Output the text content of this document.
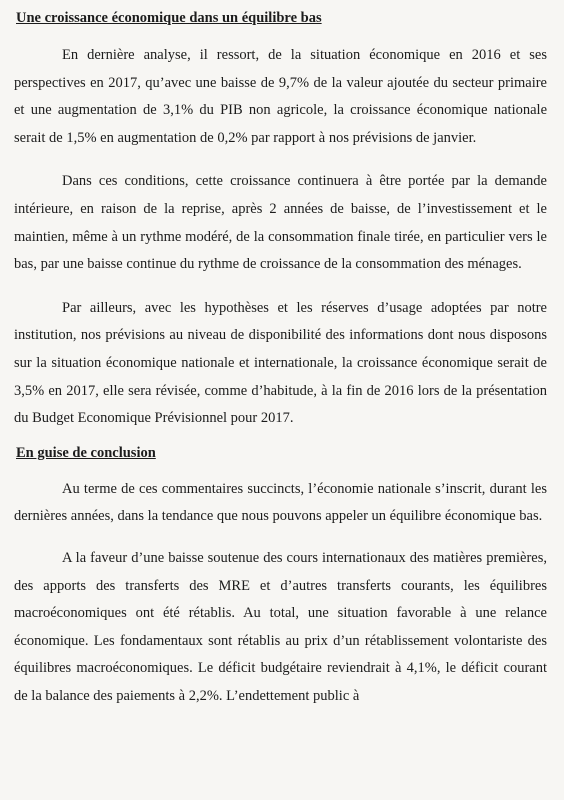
Une croissance économique dans un équilibre bas

En dernière analyse, il ressort, de la situation économique en 2016 et ses perspectives en 2017, qu’avec une baisse de 9,7% de la valeur ajoutée du secteur primaire et une augmentation de 3,1% du PIB non agricole, la croissance économique nationale serait de 1,5% en augmentation de 0,2% par rapport à nos prévisions de janvier.

Dans ces conditions, cette croissance continuera à être portée par la demande intérieure, en raison de la reprise, après 2 années de baisse, de l’investissement et le maintien, même à un rythme modéré, de la consommation finale tirée, en particulier vers le bas, par une baisse continue du rythme de croissance de la consommation des ménages.

Par ailleurs, avec les hypothèses et les réserves d’usage adoptées par notre institution, nos prévisions au niveau de disponibilité des informations dont nous disposons sur la situation économique nationale et internationale, la croissance économique serait de 3,5% en 2017, elle sera révisée, comme d’habitude, à la fin de 2016 lors de la présentation du Budget Economique Prévisionnel pour 2017.

En guise de conclusion

Au terme de ces commentaires succincts, l’économie nationale s’inscrit, durant les dernières années, dans la tendance que nous pouvons appeler un équilibre économique bas.

A la faveur d’une baisse soutenue des cours internationaux des matières premières, des apports des transferts des MRE et d’autres transferts courants, les équilibres macroéconomiques ont été rétablis. Au total, une situation favorable à une relance économique. Les fondamentaux sont rétablis au prix d’un rétablissement volontariste des équilibres macroéconomiques. Le déficit budgétaire reviendrait à 4,1%, le déficit courant de la balance des paiements à 2,2%. L’endettement public à
